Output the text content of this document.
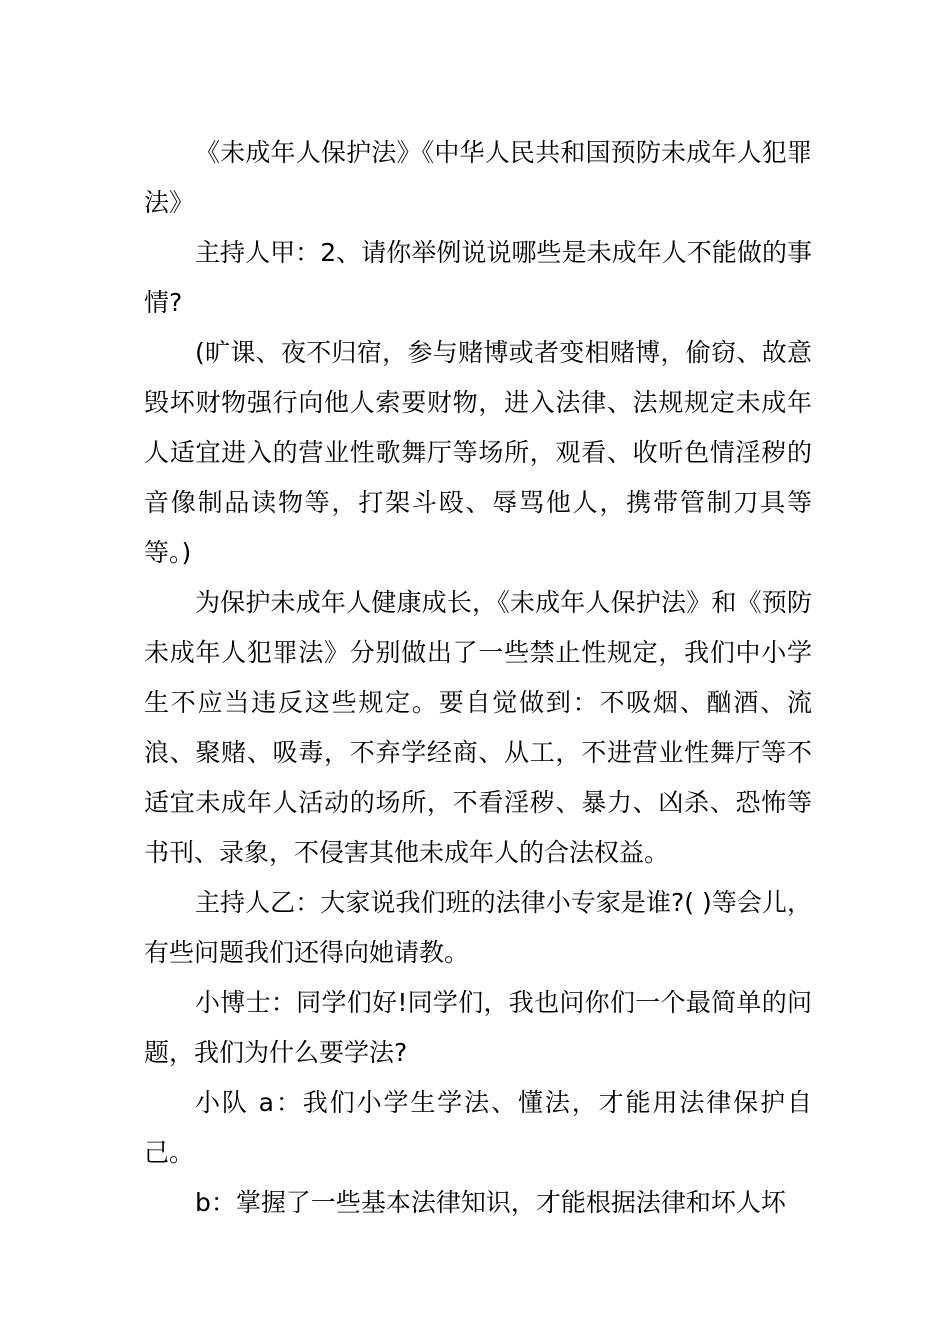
《未成年人保护法》《中华人民共和国预防未成年人犯罪法》

主持人甲：2、请你举例说说哪些是未成年人不能做的事情?

(旷课、夜不归宿，参与赌博或者变相赌博，偷窃、故意毁坏财物强行向他人索要财物，进入法律、法规规定未成年人适宜进入的营业性歌舞厅等场所，观看、收听色情淫秽的音像制品读物等，打架斗殴、辱骂他人，携带管制刀具等等。)

为保护未成年人健康成长，《未成年人保护法》和《预防未成年人犯罪法》分别做出了一些禁止性规定，我们中小学生不应当违反这些规定。要自觉做到：不吸烟、酗酒、流浪、聚赌、吸毒，不弃学经商、从工，不进营业性舞厅等不适宜未成年人活动的场所，不看淫秽、暴力、凶杀、恐怖等书刊、录象，不侵害其他未成年人的合法权益。

主持人乙：大家说我们班的法律小专家是谁?( )等会儿，有些问题我们还得向她请教。

小博士：同学们好!同学们，我也问你们一个最简单的问题，我们为什么要学法?

小队 a：我们小学生学法、懂法，才能用法律保护自己。

b：掌握了一些基本法律知识，才能根据法律和坏人坏
